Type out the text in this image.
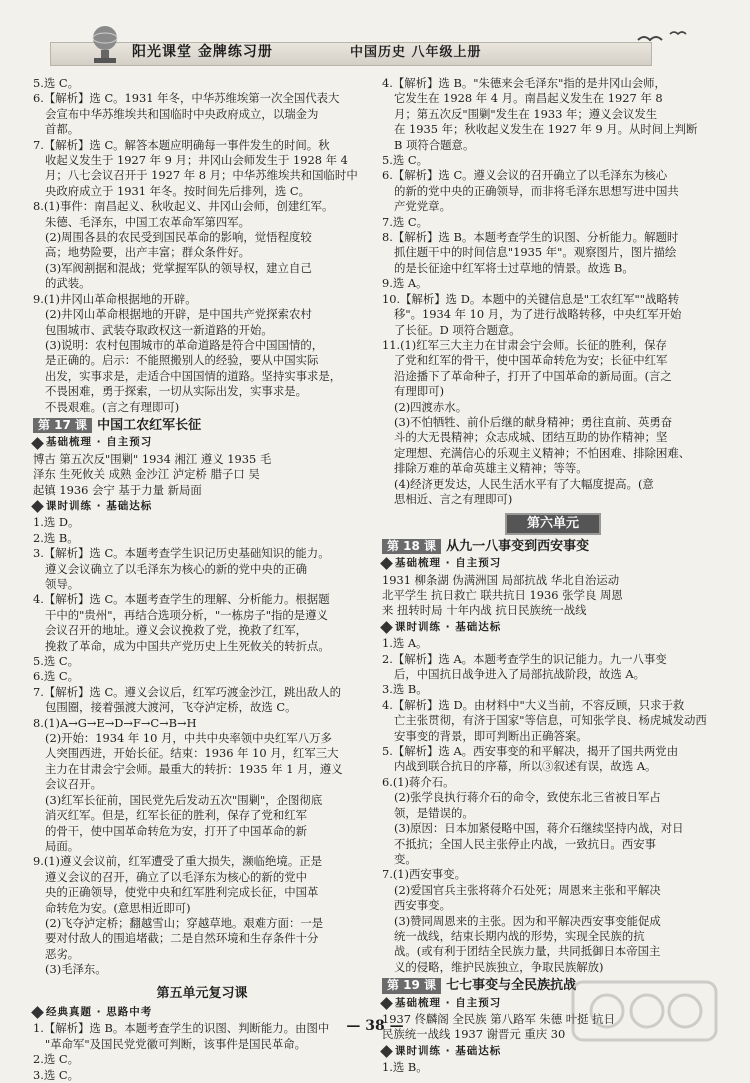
阳光课堂 金牌练习册	中国历史 八年级上册

5.选 C。

6.【解析】选 C。1931 年冬，中华苏维埃第一次全国代表大

会宣布中华苏维埃共和国临时中央政府成立，以瑞金为

首都。

7.【解析】选 C。解答本题应明确每一事件发生的时间。秋

收起义发生于 1927 年 9 月；井冈山会师发生于 1928 年 4

月；八七会议召开于 1927 年 8 月；中华苏维埃共和国临时中

央政府成立于 1931 年冬。按时间先后排列，选 C。

8.(1)事件：南昌起义、秋收起义、井冈山会师，创建红军。

朱德、毛泽东，中国工农革命军第四军。

(2)周围各县的农民受到国民革命的影响，觉悟程度较

高；地势险要，出产丰富；群众条件好。

(3)军阀割据和混战；党掌握军队的领导权，建立自己

的武装。

9.(1)井冈山革命根据地的开辟。

(2)井冈山革命根据地的开辟，是中国共产党探索农村

包围城市、武装夺取政权这一新道路的开始。

(3)说明：农村包围城市的革命道路是符合中国国情的，

是正确的。启示：不能照搬别人的经验，要从中国实际

出发，实事求是，走适合中国国情的道路。坚持实事求是，

不畏困难，勇于探索，一切从实际出发，实事求是。

不畏艰难。(言之有理即可)

第 17 课 中国工农红军长征
基础梳理 · 自主预习

博古 第五次反"围剿" 1934 湘江 遵义 1935 毛

泽东 生死攸关 成熟 金沙江 泸定桥 腊子口 吴

起镇 1936 会宁 基于力量 新局面

课时训练 · 基础达标

1.选 D。

2.选 B。

3.【解析】选 C。本题考查学生识记历史基础知识的能力。

遵义会议确立了以毛泽东为核心的新的党中央的正确

领导。

4.【解析】选 C。本题考查学生的理解、分析能力。根据题

干中的"贵州"，再结合选项分析，"一栋房子"指的是遵义

会议召开的地址。遵义会议挽救了党，挽救了红军，

挽救了革命，成为中国共产党历史上生死攸关的转折点。

5.选 C。

6.选 C。

7.【解析】选 C。遵义会议后，红军巧渡金沙江，跳出敌人的

包围圈，接着强渡大渡河，飞夺泸定桥，故选 C。

8.(1)A→G→E→D→F→C→B→H

(2)开始：1934 年 10 月，中共中央率领中央红军八万多

人突围西进，开始长征。结束：1936 年 10 月，红军三大

主力在甘肃会宁会师。最重大的转折：1935 年 1 月，遵义

会议召开。

(3)红军长征前，国民党先后发动五次"围剿"，企图彻底

消灭红军。但是，红军长征的胜利，保存了党和红军

的骨干，使中国革命转危为安，打开了中国革命的新

局面。

9.(1)遵义会议前，红军遭受了重大损失，濒临绝境。正是

遵义会议的召开，确立了以毛泽东为核心的新的党中

央的正确领导，使党中央和红军胜利完成长征，中国革

命转危为安。(意思相近即可)

(2)飞夺泸定桥；翻越雪山；穿越草地。艰难方面：一是

要对付敌人的围追堵截；二是自然环境和生存条件十分

恶劣。

(3)毛泽东。

第五单元复习课
经典真题 · 思路中考

1.【解析】选 B。本题考查学生的识图、判断能力。由图中

"革命军"及国民党党徽可判断，该事件是国民革命。

2.选 C。

3.选 C。

4.【解析】选 B。"朱德来会毛泽东"指的是井冈山会师，

它发生在 1928 年 4 月。南昌起义发生在 1927 年 8

月；第五次反"围剿"发生在 1933 年；遵义会议发生

在 1935 年；秋收起义发生在 1927 年 9 月。从时间上判断

B 项符合题意。

5.选 C。

6.【解析】选 C。遵义会议的召开确立了以毛泽东为核心

的新的党中央的正确领导，而非将毛泽东思想写进中国共

产党党章。

7.选 C。

8.【解析】选 B。本题考查学生的识图、分析能力。解题时

抓住题干中的时间信息"1935 年"。观察图片，图片描绘

的是长征途中红军将士过草地的情景。故选 B。

9.选 A。

10.【解析】选 D。本题中的关键信息是"工农红军""战略转

移"。1934 年 10 月，为了进行战略转移，中央红军开始

了长征。D 项符合题意。

11.(1)红军三大主力在甘肃会宁会师。长征的胜利，保存

了党和红军的骨干，使中国革命转危为安；长征中红军

沿途播下了革命种子，打开了中国革命的新局面。(言之

有理即可)

(2)四渡赤水。

(3)不怕牺牲、前仆后继的献身精神；勇往直前、英勇奋

斗的大无畏精神；众志成城、团结互助的协作精神；坚

定理想、充满信心的乐观主义精神；不怕困难、排除困难、

排除万难的革命英雄主义精神；等等。

(4)经济更发达，人民生活水平有了大幅度提高。(意

思相近、言之有理即可)

第六单元
第 18 课 从九一八事变到西安事变
基础梳理 · 自主预习

1931 柳条湖 伪满洲国 局部抗战 华北自治运动

北平学生 抗日救亡 联共抗日 1936 张学良 周恩

来 扭转时局 十年内战 抗日民族统一战线

课时训练 · 基础达标

1.选 A。

2.【解析】选 A。本题考查学生的识记能力。九一八事变

后，中国抗日战争进入了局部抗战阶段，故选 A。

3.选 B。

4.【解析】选 D。由材料中"大义当前，不容反顾，只求于救

亡主张贯彻，有济于国家"等信息，可知张学良、杨虎城发动西

安事变的背景，即可判断出正确答案。

5.【解析】选 A。西安事变的和平解决，揭开了国共两党由

内战到联合抗日的序幕，所以③叙述有误，故选 A。

6.(1)蒋介石。

(2)张学良执行蒋介石的命令，致使东北三省被日军占

领，是错误的。

(3)原因：日本加紧侵略中国，蒋介石继续坚持内战，对日

不抵抗；全国人民主张停止内战，一致抗日。西安事

变。

7.(1)西安事变。

(2)爱国官兵主张将蒋介石处死；周恩来主张和平解决

西安事变。

(3)赞同周恩来的主张。因为和平解决西安事变能促成

统一战线，结束长期内战的形势，实现全民族的抗

战。(或有利于团结全民族力量，共同抵御日本帝国主

义的侵略，维护民族独立，争取民族解放)

第 19 课 七七事变与全民族抗战
基础梳理 · 自主预习

1937 佟麟阁 全民族 第八路军 朱德 叶挺 抗日

民族统一战线 1937 谢晋元 重庆 30

课时训练 · 基础达标

1.选 B。

— 38 —
